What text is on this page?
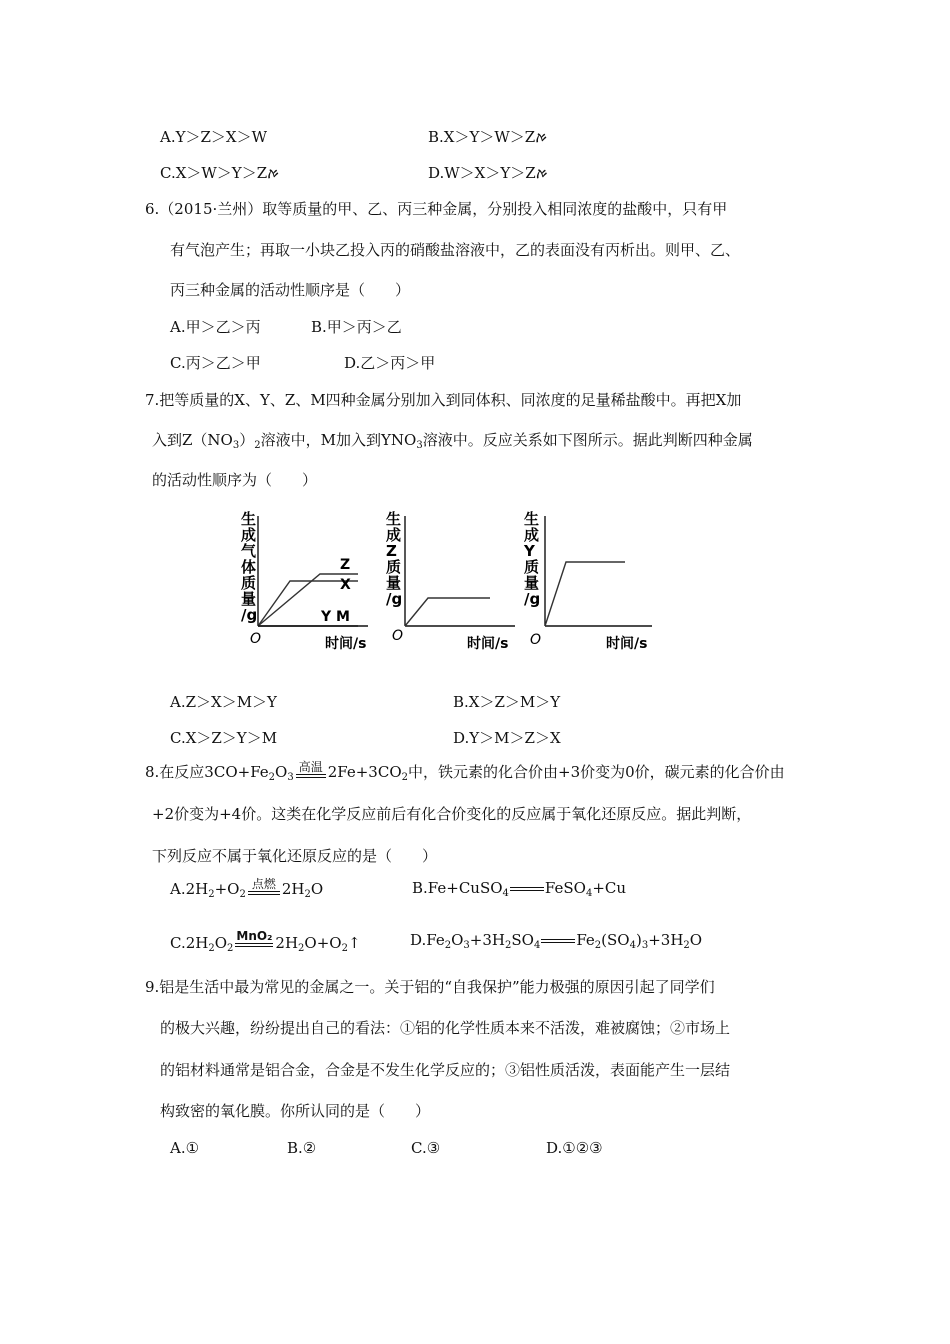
A.Y＞Z＞X＞W	B.X＞Y＞W＞Zࠀ
C.X＞W＞Y＞Zࠀ	D.W＞X＞Y＞Zࠀ
6.（2015·兰州）取等质量的甲、乙、丙三种金属，分别投入相同浓度的盐酸中，只有甲
有气泡产生；再取一小块乙投入丙的硝酸盐溶液中，乙的表面没有丙析出。则甲、乙、
丙三种金属的活动性顺序是（　　）
A.甲＞乙＞丙	B.甲＞丙＞乙
C.丙＞乙＞甲	D.乙＞丙＞甲
7.把等质量的X、Y、Z、M四种金属分别加入到同体积、同浓度的足量稀盐酸中。再把X加
入到$Z(NO_3)_2$溶液中，M加入到$YNO_3$溶液中。反应关系如下图所示。据此判断四种金属
的活动性顺序为（　　）
生成气体质量/g
Z
X
Y M
O	时间/s
生成 Z 质量/g
O	时间/s
生成 Y 质量/g
O	时间/s
A.Z＞X＞M＞Y	B.X＞Z＞M＞Y
C.X＞Z＞Y＞M	D.Y＞M＞Z＞X
8.在反应$3CO+Fe_2O_3$
高温 $2Fe+3CO_2$中，铁元素的化合价由+3价变为0价，碳元素的化合价由
+2价变为+4价。这类在化学反应前后有化合价变化的反应属于氧化还原反应。据此判断，
下列反应不属于氧化还原反应的是（　　）
$A.2H_2+O_2$
点燃 $2H_2O$	B.Fe+CuSO$_4$ FeSO$_4$+Cu
$C.2H_2O_2$
MnO₂ $2H_2O+O_2↑$	$D.Fe_2O_3+3H_2SO_4$ $Fe_2(SO_4)_3+3H_2O$
9.铝是生活中最为常见的金属之一。关于铝的“自我保护”能力极强的原因引起了同学们
的极大兴趣，纷纷提出自己的看法：①铝的化学性质本来不活泼，难被腐蚀；②市场上
的铝材料通常是铝合金，合金是不发生化学反应的；③铝性质活泼，表面能产生一层结
构致密的氧化膜。你所认同的是（　　）
A.①	B.②	C.③	D.①②③
